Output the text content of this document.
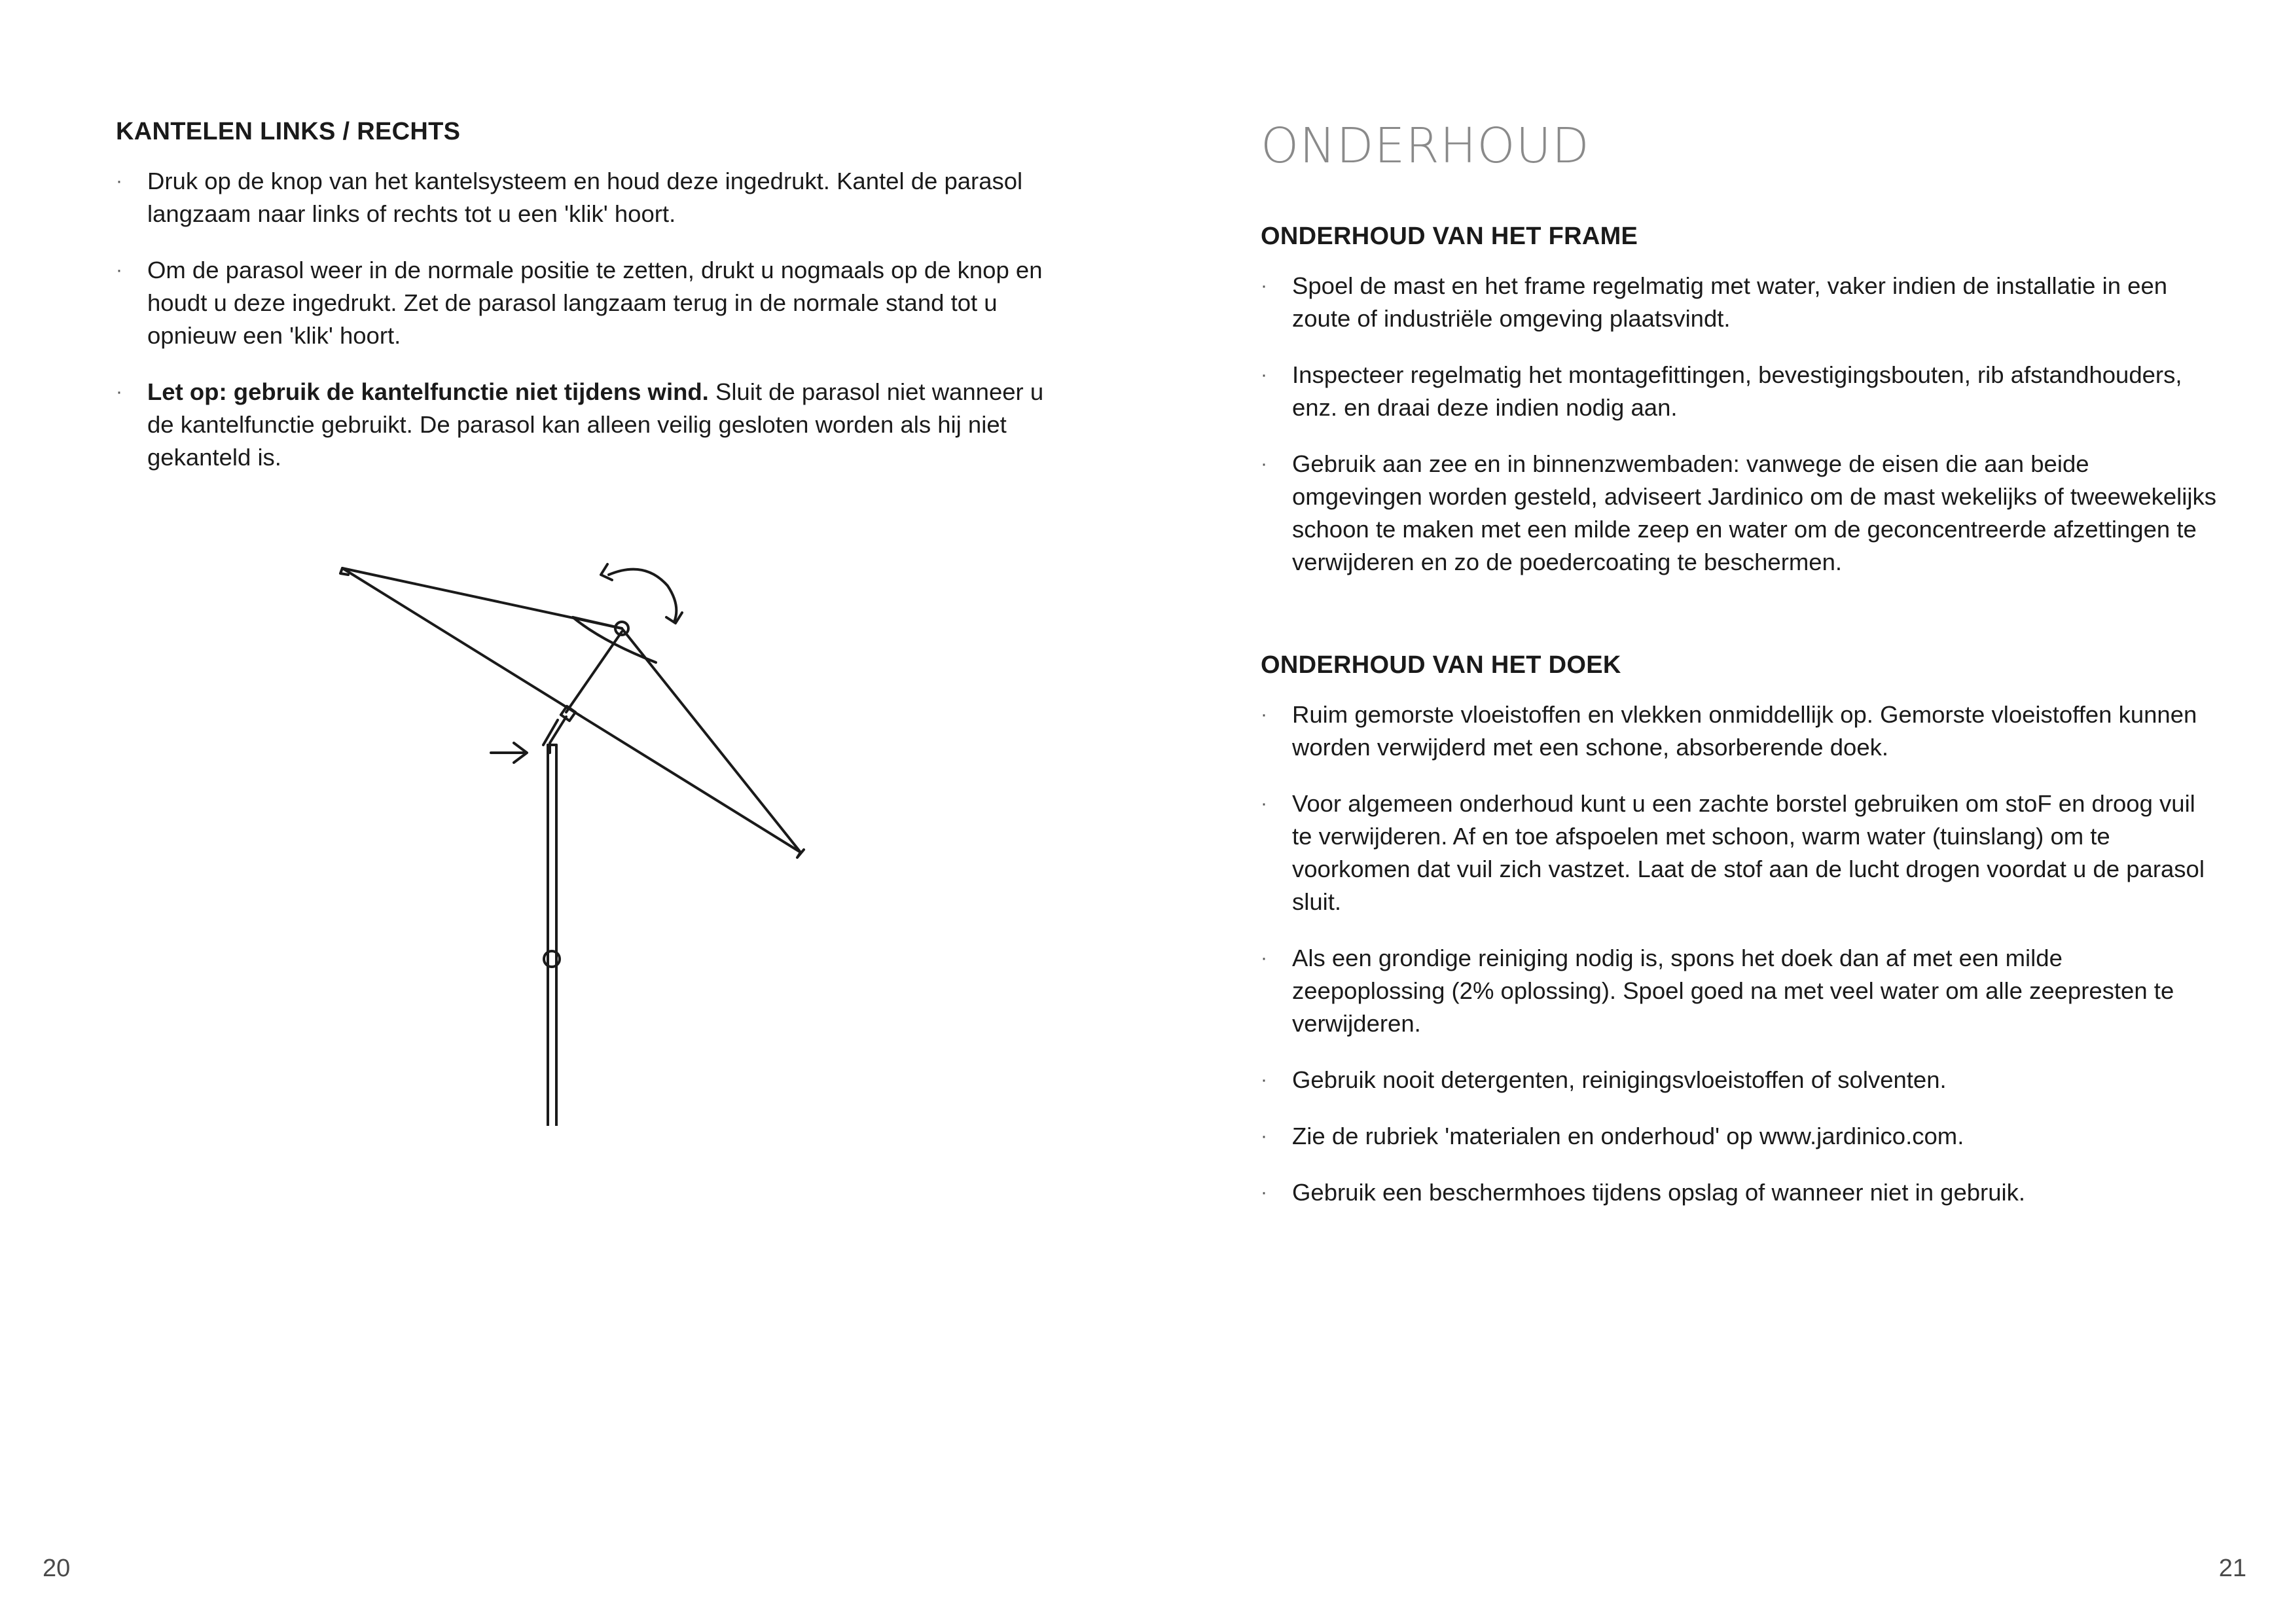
KANTELEN LINKS / RECHTS
· Druk op de knop van het kantelsysteem en houd deze ingedrukt. Kantel de parasol langzaam naar links of rechts tot u een 'klik' hoort.
· Om de parasol weer in de normale positie te zetten, drukt u nogmaals op de knop en houdt u deze ingedrukt. Zet de parasol langzaam terug in de normale stand tot u opnieuw een 'klik' hoort.
· Let op: gebruik de kantelfunctie niet tijdens wind. Sluit de parasol niet wanneer u de kantelfunctie gebruikt. De parasol kan alleen veilig gesloten worden als hij niet gekanteld is.
20
ONDERHOUD
ONDERHOUD VAN HET FRAME
· Spoel de mast en het frame regelmatig met water, vaker indien de installatie in een zoute of industriële omgeving plaatsvindt.
· Inspecteer regelmatig het montagefittingen, bevestigingsbouten, rib afstandhouders, enz. en draai deze indien nodig aan.
· Gebruik aan zee en in binnenzwembaden: vanwege de eisen die aan beide omgevingen worden gesteld, adviseert Jardinico om de mast wekelijks of tweewekelijks schoon te maken met een milde zeep en water om de geconcentreerde afzettingen te verwijderen en zo de poedercoating te beschermen.
ONDERHOUD VAN HET DOEK
· Ruim gemorste vloeistoffen en vlekken onmiddellijk op. Gemorste vloeistoffen kunnen worden verwijderd met een schone, absorberende doek.
· Voor algemeen onderhoud kunt u een zachte borstel gebruiken om stoF en droog vuil te verwijderen. Af en toe afspoelen met schoon, warm water (tuinslang) om te voorkomen dat vuil zich vastzet. Laat de stof aan de lucht drogen voordat u de parasol sluit.
· Als een grondige reiniging nodig is, spons het doek dan af met een milde zeepoplossing (2% oplossing). Spoel goed na met veel water om alle zeepresten te verwijderen.
· Gebruik nooit detergenten, reinigingsvloeistoffen of solventen.
· Zie de rubriek 'materialen en onderhoud' op www.jardinico.com.
· Gebruik een beschermhoes tijdens opslag of wanneer niet in gebruik.
21
